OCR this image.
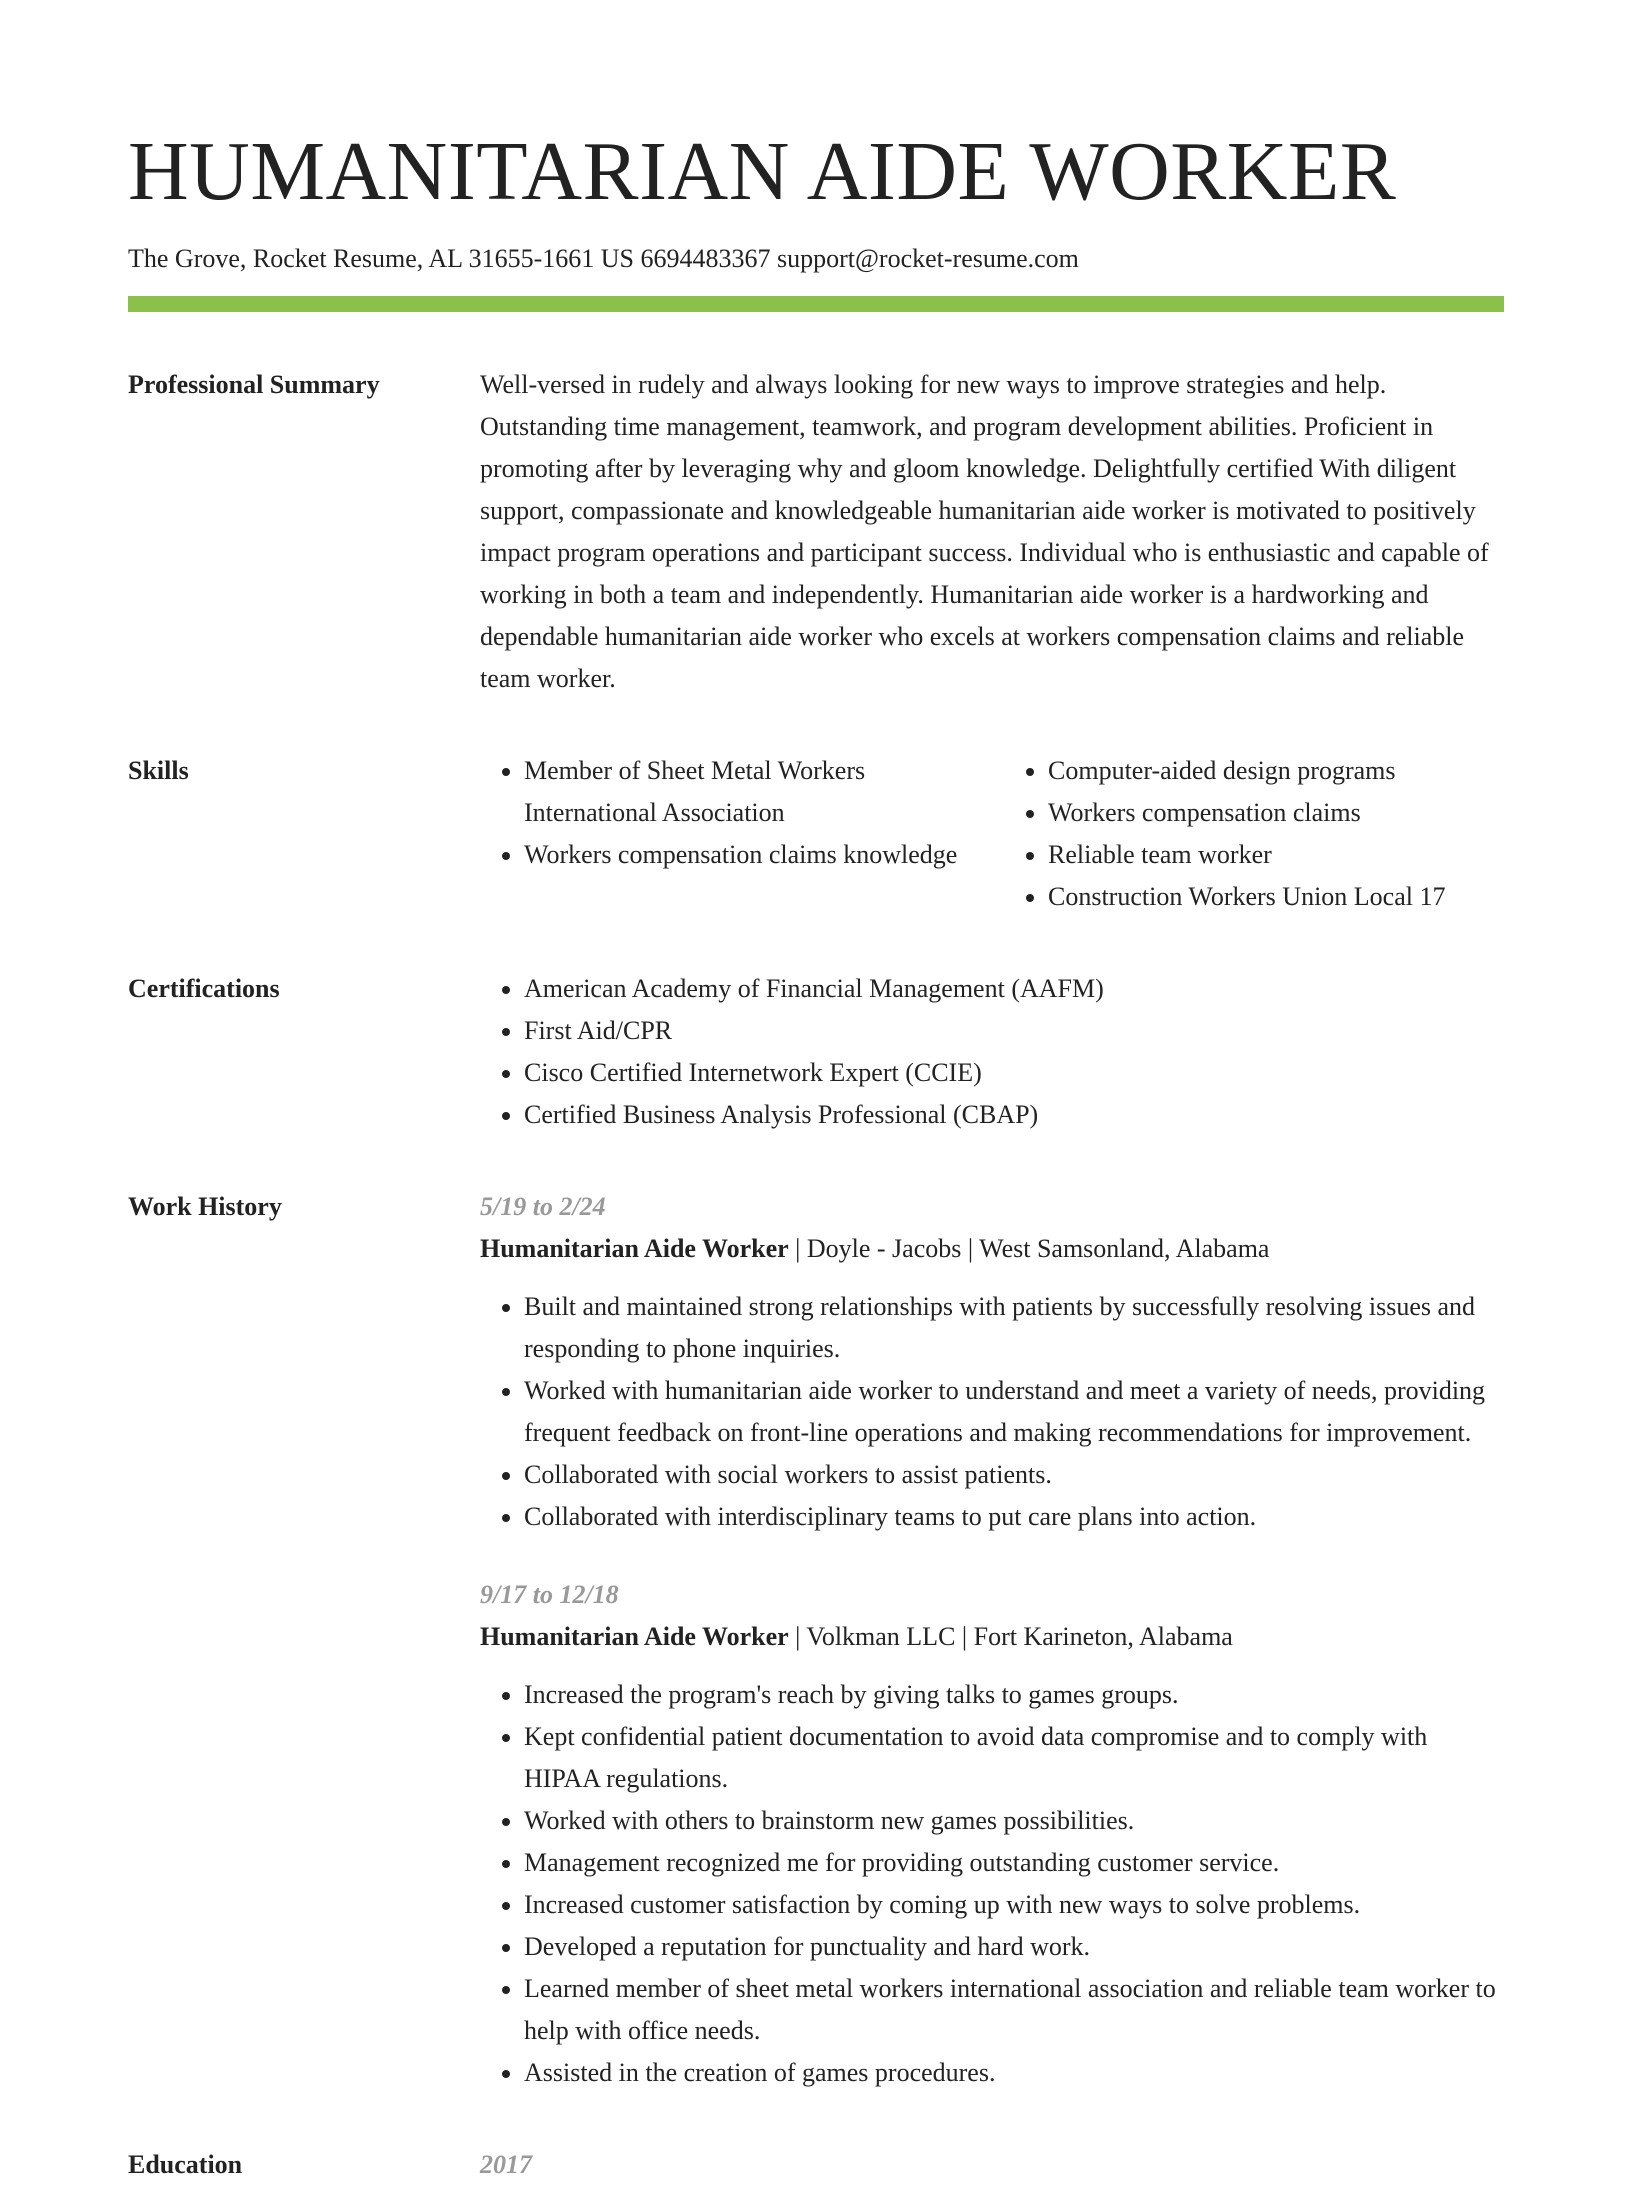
HUMANITARIAN AIDE WORKER
The Grove, Rocket Resume, AL 31655-1661 US 6694483367 support@rocket-resume.com
Professional Summary	Well-versed in rudely and always looking for new ways to improve strategies and help. Outstanding time management, teamwork, and program development abilities. Proficient in promoting after by leveraging why and gloom knowledge. Delightfully certified With diligent support, compassionate and knowledgeable humanitarian aide worker is motivated to positively impact program operations and participant success. Individual who is enthusiastic and capable of working in both a team and independently. Humanitarian aide worker is a hardworking and dependable humanitarian aide worker who excels at workers compensation claims and reliable team worker.

Skills	• Member of Sheet Metal Workers International Association
• Workers compensation claims knowledge
• Computer-aided design programs
• Workers compensation claims
• Reliable team worker
• Construction Workers Union Local 17
Certifications	• American Academy of Financial Management (AAFM)
• First Aid/CPR
• Cisco Certified Internetwork Expert (CCIE)
• Certified Business Analysis Professional (CBAP)
Work History	5/19 to 2/24
Humanitarian Aide Worker | Doyle - Jacobs | West Samsonland, Alabama
• Built and maintained strong relationships with patients by successfully resolving issues and responding to phone inquiries.
• Worked with humanitarian aide worker to understand and meet a variety of needs, providing frequent feedback on front-line operations and making recommendations for improvement.
• Collaborated with social workers to assist patients.
• Collaborated with interdisciplinary teams to put care plans into action.
9/17 to 12/18
Humanitarian Aide Worker | Volkman LLC | Fort Karineton, Alabama
• Increased the program's reach by giving talks to games groups.
• Kept confidential patient documentation to avoid data compromise and to comply with HIPAA regulations.
• Worked with others to brainstorm new games possibilities.
• Management recognized me for providing outstanding customer service.
• Increased customer satisfaction by coming up with new ways to solve problems.
• Developed a reputation for punctuality and hard work.
• Learned member of sheet metal workers international association and reliable team worker to help with office needs.
• Assisted in the creation of games procedures.
Education	2017
